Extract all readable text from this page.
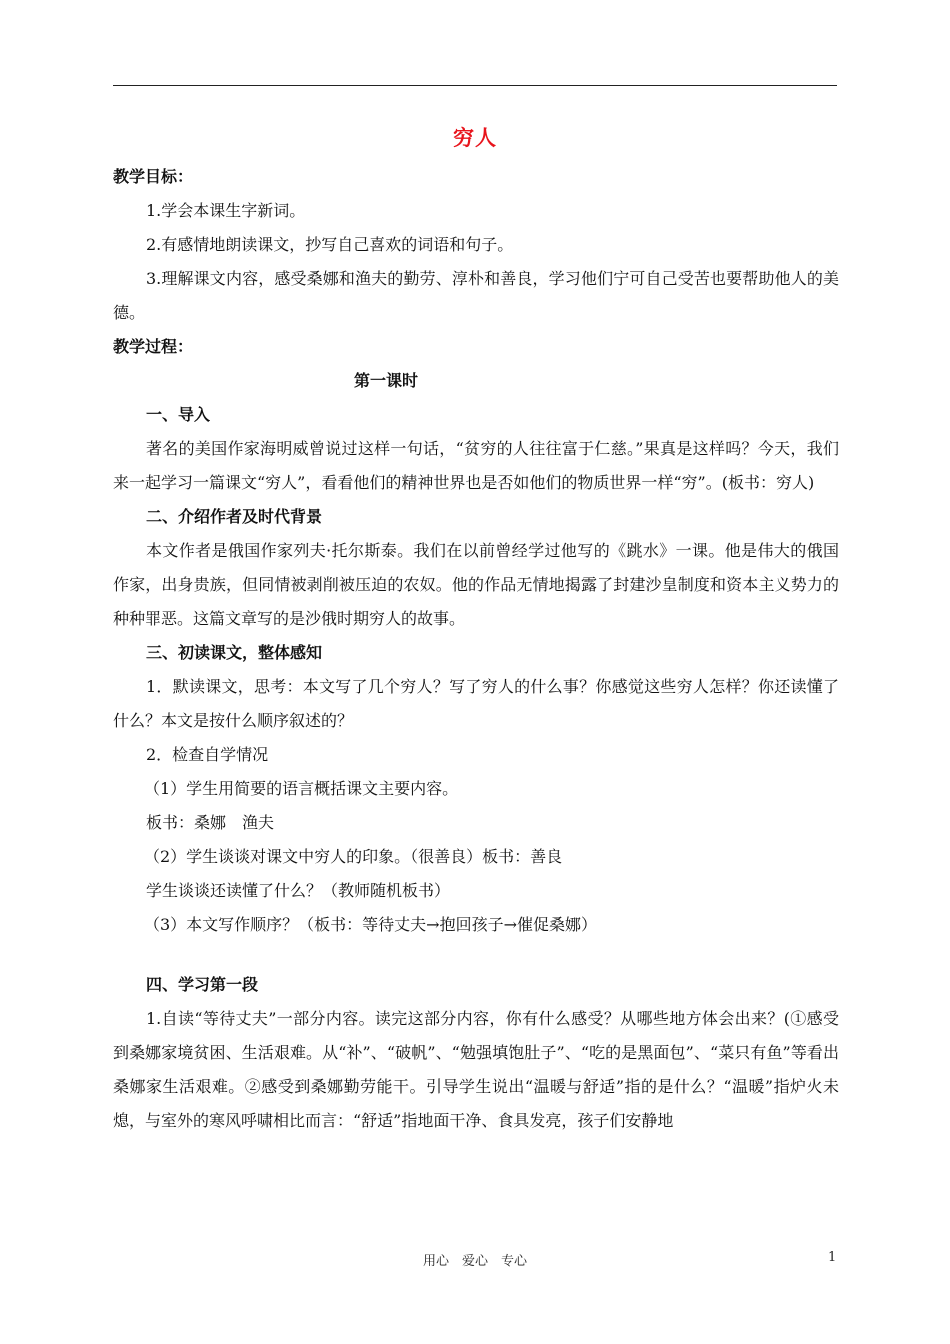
穷人
教学目标：
1.学会本课生字新词。
2.有感情地朗读课文，抄写自己喜欢的词语和句子。
3.理解课文内容，感受桑娜和渔夫的勤劳、淳朴和善良，学习他们宁可自己受苦也要帮助他人的美德。
教学过程：
第一课时
一、导入
著名的美国作家海明威曾说过这样一句话，“贫穷的人往往富于仁慈。”果真是这样吗？今天，我们来一起学习一篇课文“穷人”，看看他们的精神世界也是否如他们的物质世界一样“穷”。(板书：穷人)
二、介绍作者及时代背景
本文作者是俄国作家列夫·托尔斯泰。我们在以前曾经学过他写的《跳水》一课。他是伟大的俄国作家，出身贵族，但同情被剥削被压迫的农奴。他的作品无情地揭露了封建沙皇制度和资本主义势力的种种罪恶。这篇文章写的是沙俄时期穷人的故事。
三、初读课文，整体感知
1．默读课文，思考：本文写了几个穷人？写了穷人的什么事？你感觉这些穷人怎样？你还读懂了什么？本文是按什么顺序叙述的？
2．检查自学情况
（1）学生用简要的语言概括课文主要内容。
板书：桑娜　渔夫
（2）学生谈谈对课文中穷人的印象。（很善良）板书：善良
学生谈谈还读懂了什么？（教师随机板书）
（3）本文写作顺序？（板书：等待丈夫→抱回孩子→催促桑娜）
四、学习第一段
1.自读“等待丈夫”一部分内容。读完这部分内容，你有什么感受？从哪些地方体会出来？(①感受到桑娜家境贫困、生活艰难。从“补”、“破帆”、“勉强填饱肚子”、“吃的是黑面包”、“菜只有鱼”等看出桑娜家生活艰难。②感受到桑娜勤劳能干。引导学生说出“温暖与舒适”指的是什么？“温暖”指炉火未熄，与室外的寒风呼啸相比而言：“舒适”指地面干净、食具发亮，孩子们安静地
用心　爱心　专心	1
